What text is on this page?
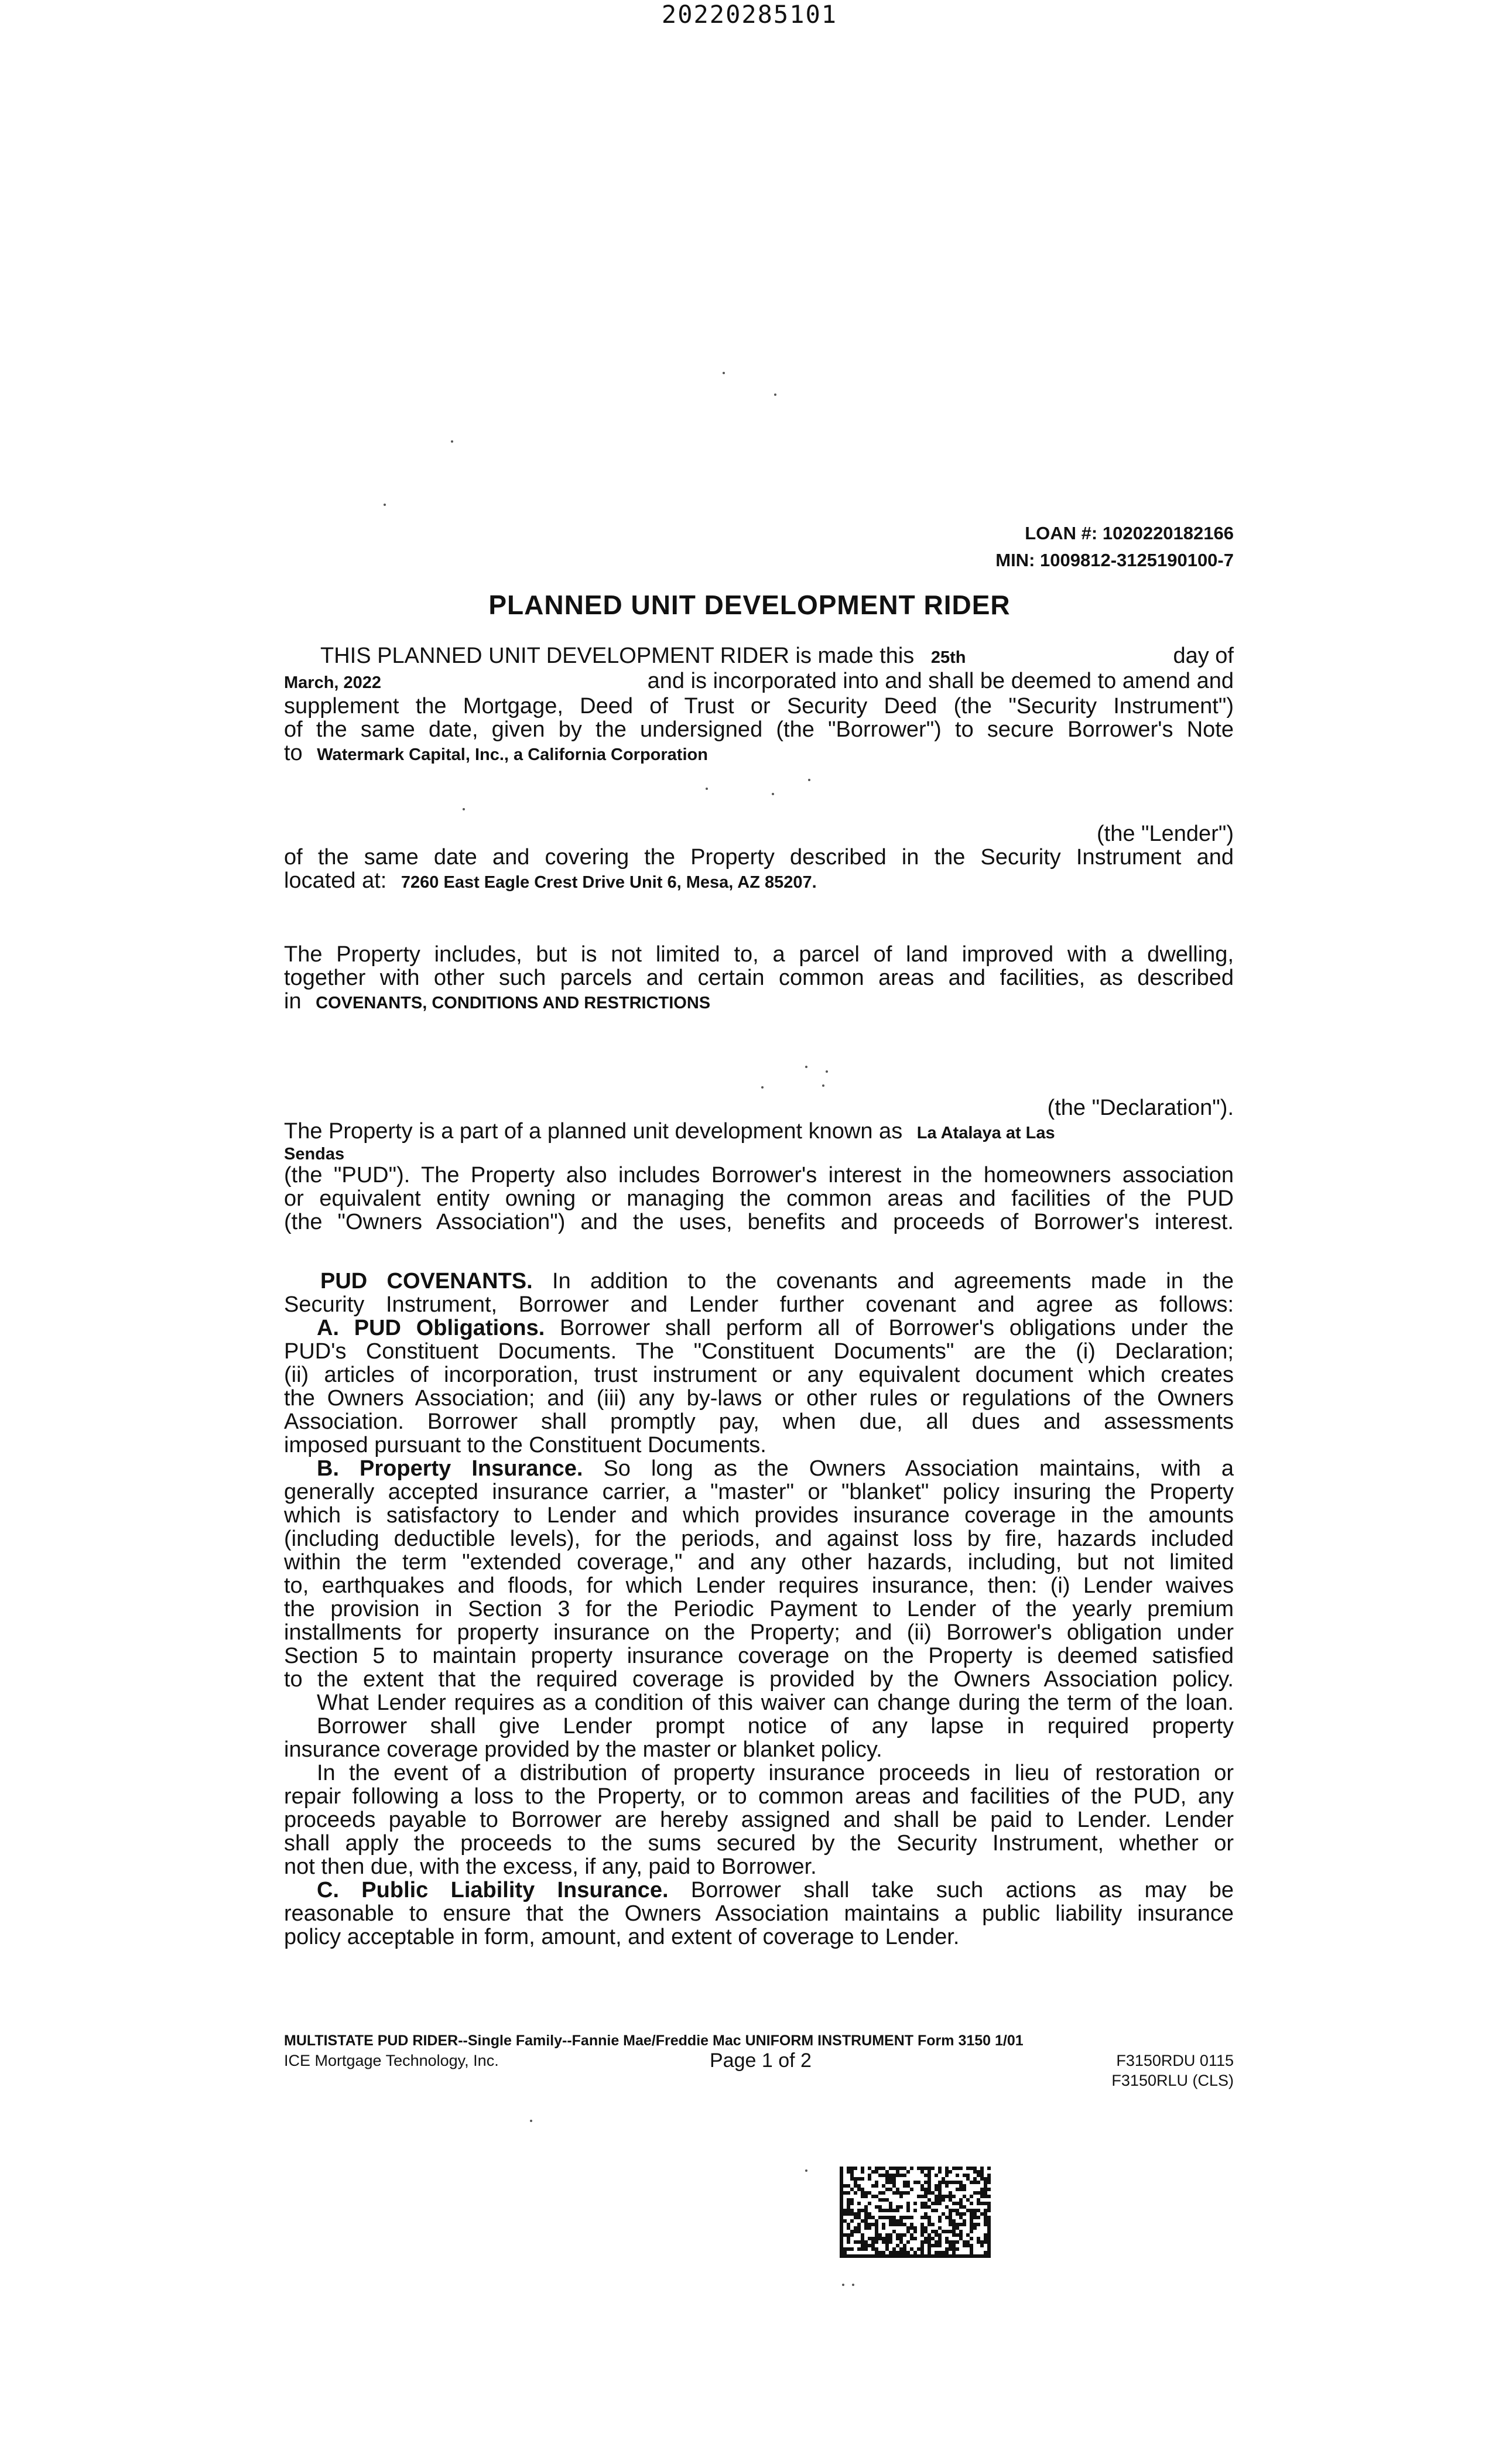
20220285101
LOAN #: 1020220182166
MIN: 1009812-3125190100-7
PLANNED UNIT DEVELOPMENT RIDER
THIS PLANNED UNIT DEVELOPMENT RIDER is made this 25th	day of
March, 2022	and is incorporated into and shall be deemed to amend and
supplement the Mortgage, Deed of Trust or Security Deed (the "Security Instrument")
of the same date, given by the undersigned (the "Borrower") to secure Borrower's Note
to Watermark Capital, Inc., a California Corporation
(the "Lender")
of the same date and covering the Property described in the Security Instrument and
located at: 7260 East Eagle Crest Drive Unit 6, Mesa, AZ 85207.
The Property includes, but is not limited to, a parcel of land improved with a dwelling,
together with other such parcels and certain common areas and facilities, as described
in COVENANTS, CONDITIONS AND RESTRICTIONS
(the "Declaration").
The Property is a part of a planned unit development known as La Atalaya at Las
Sendas
(the "PUD"). The Property also includes Borrower's interest in the homeowners association
or equivalent entity owning or managing the common areas and facilities of the PUD
(the "Owners Association") and the uses, benefits and proceeds of Borrower's interest.
PUD COVENANTS. In addition to the covenants and agreements made in the
Security Instrument, Borrower and Lender further covenant and agree as follows:
A. PUD Obligations. Borrower shall perform all of Borrower's obligations under the
PUD's Constituent Documents. The "Constituent Documents" are the (i) Declaration;
(ii) articles of incorporation, trust instrument or any equivalent document which creates
the Owners Association; and (iii) any by-laws or other rules or regulations of the Owners
Association. Borrower shall promptly pay, when due, all dues and assessments
imposed pursuant to the Constituent Documents.
B. Property Insurance. So long as the Owners Association maintains, with a
generally accepted insurance carrier, a "master" or "blanket" policy insuring the Property
which is satisfactory to Lender and which provides insurance coverage in the amounts
(including deductible levels), for the periods, and against loss by fire, hazards included
within the term "extended coverage," and any other hazards, including, but not limited
to, earthquakes and floods, for which Lender requires insurance, then: (i) Lender waives
the provision in Section 3 for the Periodic Payment to Lender of the yearly premium
installments for property insurance on the Property; and (ii) Borrower's obligation under
Section 5 to maintain property insurance coverage on the Property is deemed satisfied
to the extent that the required coverage is provided by the Owners Association policy.
What Lender requires as a condition of this waiver can change during the term of the loan.
Borrower shall give Lender prompt notice of any lapse in required property
insurance coverage provided by the master or blanket policy.
In the event of a distribution of property insurance proceeds in lieu of restoration or
repair following a loss to the Property, or to common areas and facilities of the PUD, any
proceeds payable to Borrower are hereby assigned and shall be paid to Lender. Lender
shall apply the proceeds to the sums secured by the Security Instrument, whether or
not then due, with the excess, if any, paid to Borrower.
C. Public Liability Insurance. Borrower shall take such actions as may be
reasonable to ensure that the Owners Association maintains a public liability insurance
policy acceptable in form, amount, and extent of coverage to Lender.
MULTISTATE PUD RIDER--Single Family--Fannie Mae/Freddie Mac UNIFORM INSTRUMENT Form 3150 1/01
ICE Mortgage Technology, Inc.	Page 1 of 2	F3150RDU 0115
F3150RLU (CLS)
